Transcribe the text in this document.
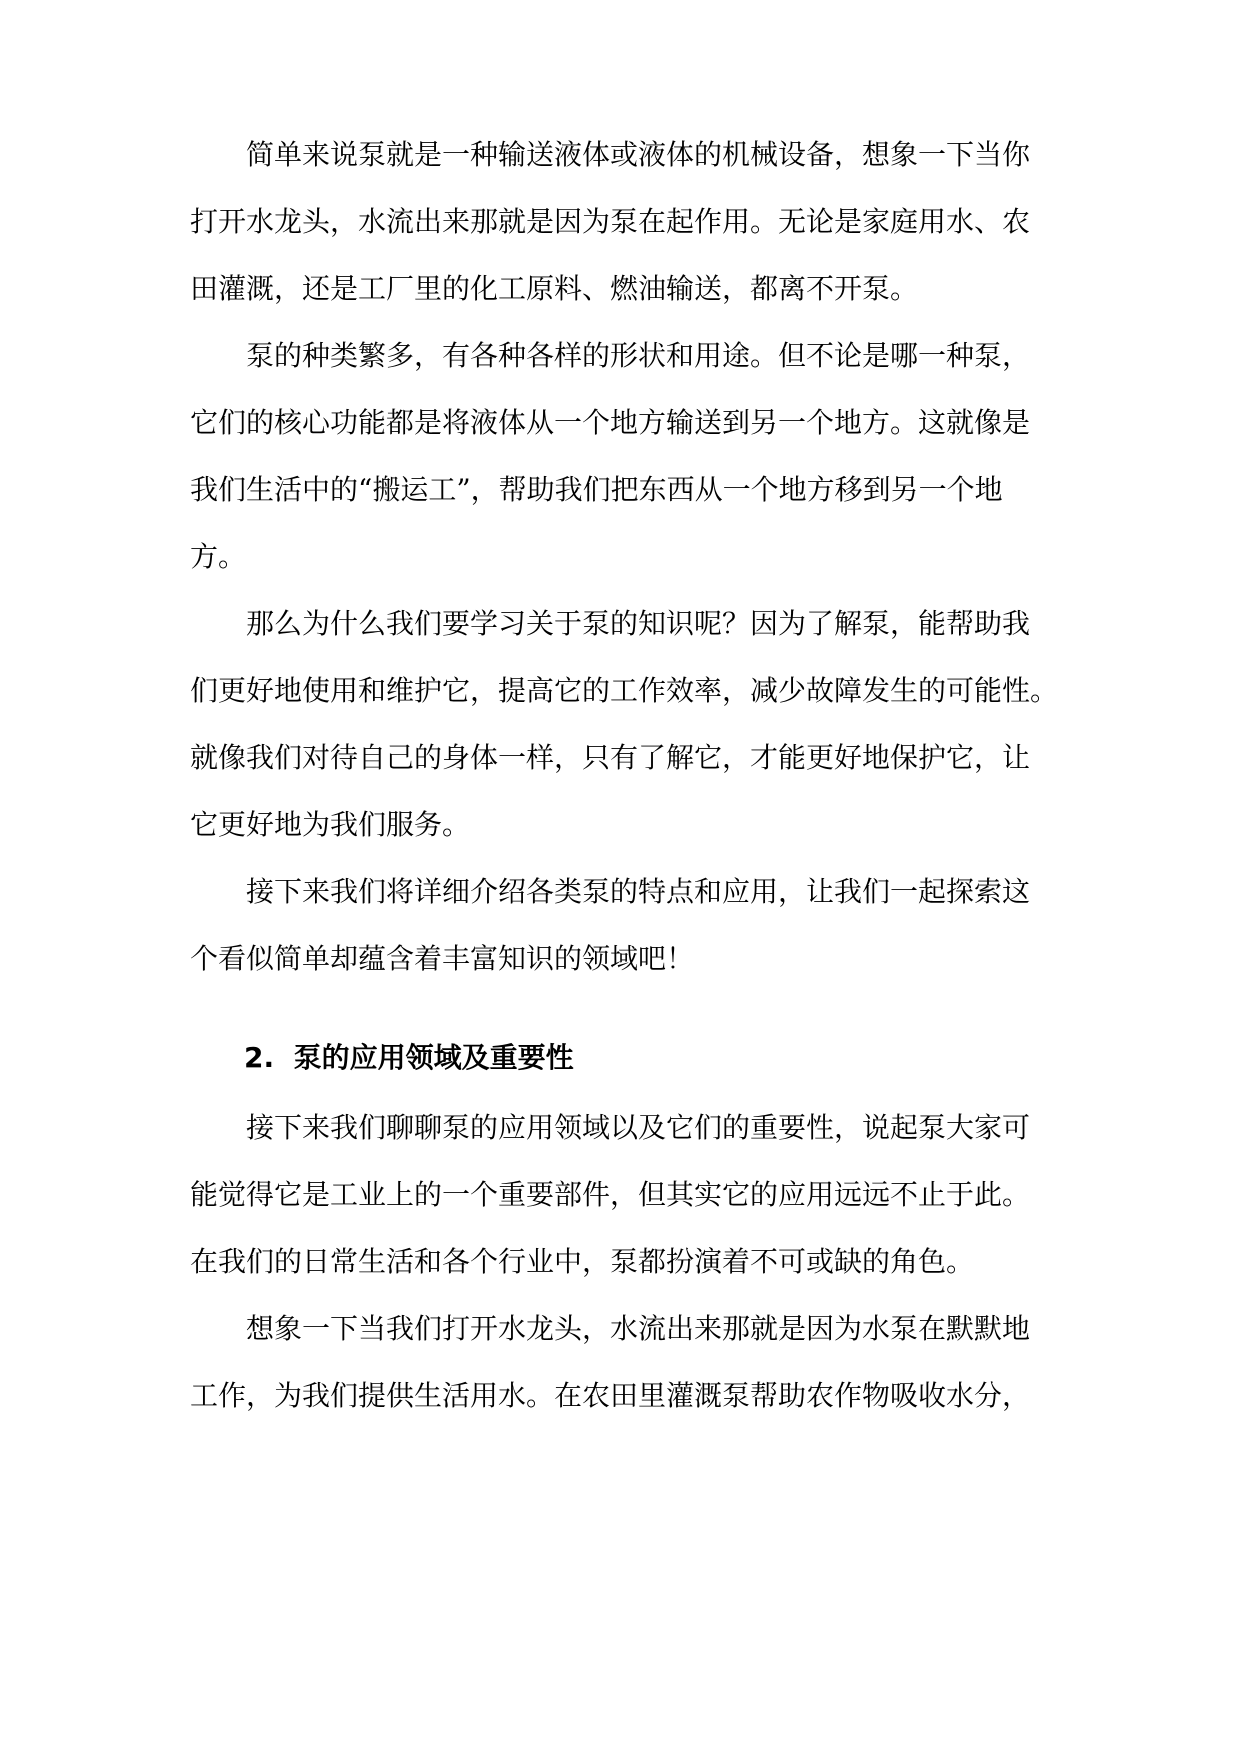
简单来说泵就是一种输送液体或液体的机械设备，想象一下当你
打开水龙头，水流出来那就是因为泵在起作用。无论是家庭用水、农
田灌溉，还是工厂里的化工原料、燃油输送，都离不开泵。
泵的种类繁多，有各种各样的形状和用途。但不论是哪一种泵，
它们的核心功能都是将液体从一个地方输送到另一个地方。这就像是
我们生活中的“搬运工”，帮助我们把东西从一个地方移到另一个地
方。
那么为什么我们要学习关于泵的知识呢？因为了解泵，能帮助我
们更好地使用和维护它，提高它的工作效率，减少故障发生的可能性。
就像我们对待自己的身体一样，只有了解它，才能更好地保护它，让
它更好地为我们服务。
接下来我们将详细介绍各类泵的特点和应用，让我们一起探索这
个看似简单却蕴含着丰富知识的领域吧！
2. 泵的应用领域及重要性
接下来我们聊聊泵的应用领域以及它们的重要性，说起泵大家可
能觉得它是工业上的一个重要部件，但其实它的应用远远不止于此。
在我们的日常生活和各个行业中，泵都扮演着不可或缺的角色。
想象一下当我们打开水龙头，水流出来那就是因为水泵在默默地
工作，为我们提供生活用水。在农田里灌溉泵帮助农作物吸收水分，
